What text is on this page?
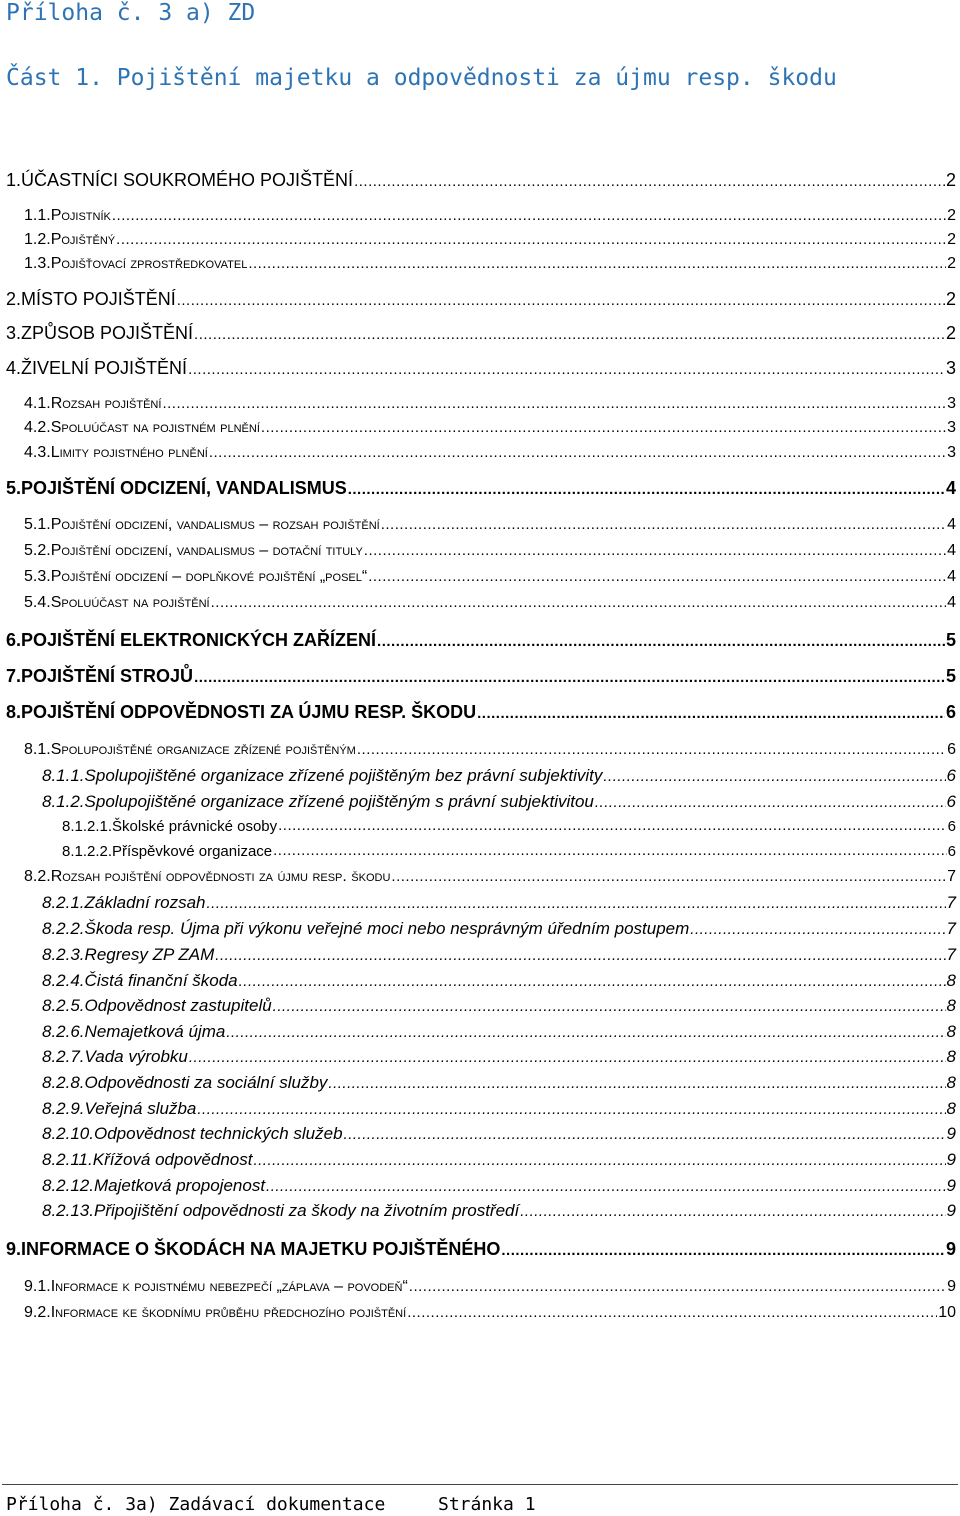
Příloha č. 3 a) ZD
Část 1. Pojištění majetku a odpovědnosti za újmu resp. škodu
1. ÚČASTNÍCI SOUKROMÉHO POJIŠTĚNÍ .....	2
1.1. pojistník .....	2
1.2. pojištěný .....	2
1.3. pojišťovací zprostředkovatel .....	2
2. MÍSTO POJIŠTĚNÍ .....	2
3. ZPŮSOB POJIŠTĚNÍ .....	2
4. ŽIVELNÍ POJIŠTĚNÍ .....	3
4.1. rozsah pojištění .....	3
4.2. spoluúčast na pojistném plnění .....	3
4.3. limity pojistného plnění .....	3
5. POJIŠTĚNÍ ODCIZENÍ, VANDALISMUS .....	4
5.1. pojištění odcizení, vandalismus – rozsah pojištění .....	4
5.2. pojištění odcizení, vandalismus – dotační tituly .....	4
5.3. pojištění odcizení – doplňkové pojištění „posel“ .....	4
5.4. spoluúčast na pojištění .....	4
6. POJIŠTĚNÍ ELEKTRONICKÝCH ZAŘÍZENÍ .....	5
7. POJIŠTĚNÍ STROJŮ .....	5
8. POJIŠTĚNÍ ODPOVĚDNOSTI ZA ÚJMU RESP. ŠKODU .....	6
8.1. spolupojištěné organizace zřízené pojištěným .....	6
8.1.1. Spolupojištěné organizace zřízené pojištěným bez právní subjektivity .....	6
8.1.2. Spolupojištěné organizace zřízené pojištěným s právní subjektivitou .....	6
8.1.2.1. Školské právnické osoby .....	6
8.1.2.2. Příspěvkové organizace .....	6
8.2. rozsah pojištění odpovědnosti za újmu resp. škodu .....	7
8.2.1. Základní rozsah .....	7
8.2.2. Škoda resp. Újma při výkonu veřejné moci nebo nesprávným úředním postupem .....	7
8.2.3. Regresy ZP ZAM .....	7
8.2.4. Čistá finanční škoda .....	8
8.2.5. Odpovědnost zastupitelů .....	8
8.2.6. Nemajetková újma .....	8
8.2.7. Vada výrobku .....	8
8.2.8. Odpovědnosti za sociální služby .....	8
8.2.9. Veřejná služba .....	8
8.2.10. Odpovědnost technických služeb .....	9
8.2.11. Křížová odpovědnost .....	9
8.2.12. Majetková propojenost .....	9
8.2.13. Připojištění odpovědnosti za škody na životním prostředí .....	9
9. INFORMACE O ŠKODÁCH NA MAJETKU POJIŠTĚNÉHO .....	9
9.1. informace k pojistnému nebezpečí „záplava – povodeň“ .....	9
9.2. informace ke škodnímu průběhu předchozího pojištění .....	10
Příloha č. 3a) Zadávací dokumentace	Stránka 1
